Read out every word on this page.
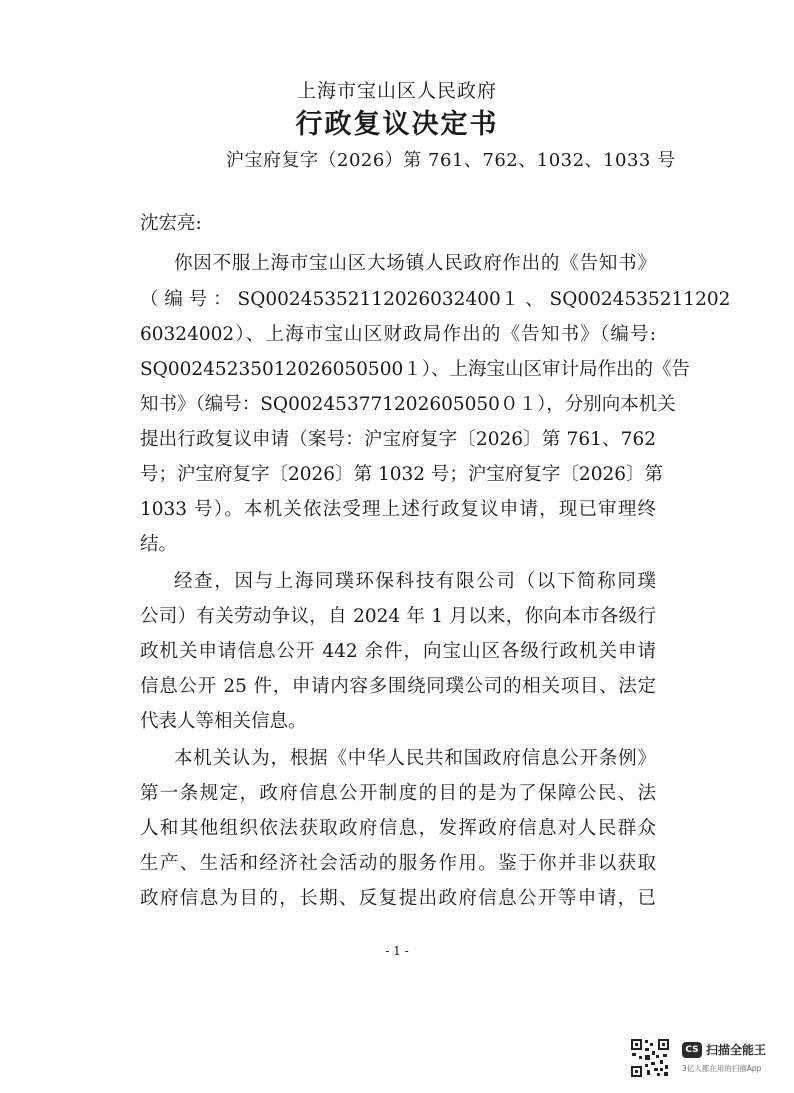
上海市宝山区人民政府
行政复议决定书
沪宝府复字（2026）第 761、762、1032、1033 号
沈宏亮:
你因不服上海市宝山区大场镇人民政府作出的《告知书》
（ 编 号 ： SQ00245352112026032400１ 、 SQ0024535211202
60324002）、上海市宝山区财政局作出的《告知书》（编号:
SQ00245235012026050500１）、上海宝山区审计局作出的《告
知书》（编号：SQ002453771202605050０１），分别向本机关
提出行政复议申请（案号：沪宝府复字〔2026〕第 761、762
号；沪宝府复字〔2026〕第 1032 号；沪宝府复字〔2026〕第
1033 号）。本机关依法受理上述行政复议申请，现已审理终
结。
经查，因与上海同璞环保科技有限公司（以下简称同璞
公司）有关劳动争议，自 2024 年 1 月以来，你向本市各级行
政机关申请信息公开 442 余件，向宝山区各级行政机关申请
信息公开 25 件，申请内容多围绕同璞公司的相关项目、法定
代表人等相关信息。
本机关认为，根据《中华人民共和国政府信息公开条例》
第一条规定，政府信息公开制度的目的是为了保障公民、法
人和其他组织依法获取政府信息，发挥政府信息对人民群众
生产、生活和经济社会活动的服务作用。鉴于你并非以获取
政府信息为目的，长期、反复提出政府信息公开等申请，已
- 1 -
CS 扫描全能王
3亿人都在用的扫描App
